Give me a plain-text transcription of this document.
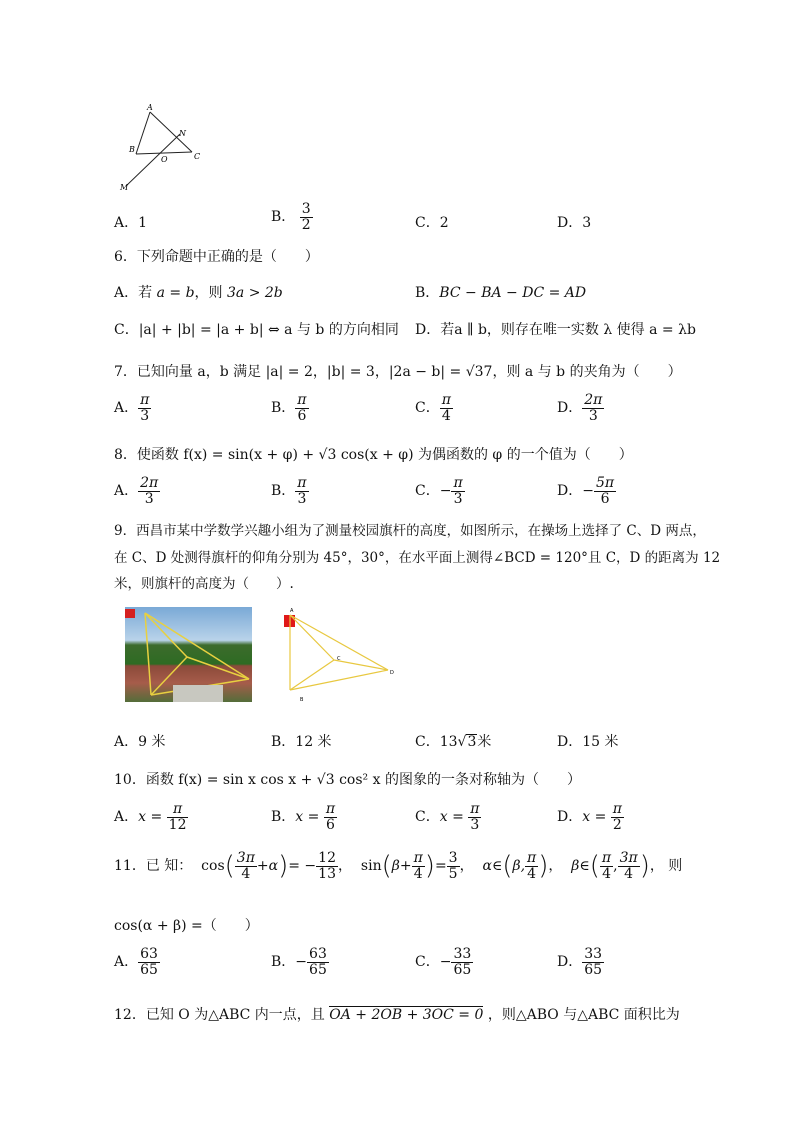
A
N
B
O	C
M
A．1	B． $\frac{3}{2}$	C．2	D．3
6．下列命题中正确的是（　　）
A．若 a = b，则 3a > 2b	B．BC − BA − DC = AD
C．|a| + |b| = |a + b| ⇔ a 与 b 的方向相同 D．若a ∥ b，则存在唯一实数 λ 使得 a = λb
7．已知向量 a，b 满足 |a| = 2，|b| = 3，|2a − b| = √37，则 a 与 b 的夹角为（　　）
A． $\frac{\pi}{3}$	B． $\frac{\pi}{6}$	C． $\frac{\pi}{4}$	D． $\frac{2\pi}{3}$
8．使函数 f(x) = sin(x + φ) + √3 cos(x + φ) 为偶函数的 φ 的一个值为（　　）
A． $\frac{2\pi}{3}$	B． $\frac{\pi}{3}$	C．− $\frac{\pi}{3}$	D．− $\frac{5\pi}{6}$
9．西昌市某中学数学兴趣小组为了测量校园旗杆的高度，如图所示，在操场上选择了 C、D 两点，
在 C、D 处测得旗杆的仰角分别为 45°，30°，在水平面上测得∠BCD = 120°且 C，D 的距离为 12
米，则旗杆的高度为（　　）.
A
C
D
B
A．9 米	B．12 米	C．13√3米	D．15 米
10．函数 f(x) = sin x cos x + √3 cos² x 的图象的一条对称轴为（　　）
A．$x = \frac{\pi}{12}$	B．$x = \frac{\pi}{6}$	C．$x = \frac{\pi}{3}$	D．$x = \frac{\pi}{2}$
11．已 知： $\cos( \frac{3\pi}{4} +\alpha)= - \frac{12}{13}$ ，  $\sin(\beta+ \frac{\pi}{4}$ )= $\frac{3}{5}$ ，  α∈(β, $\frac{\pi}{4}$ )，  β∈( $\frac{\pi}{4}$ , $\frac{3\pi}{4}$ )， 则
cos(α + β) =（　　）
A． $\frac{63}{65}$	B．− $\frac{63}{65}$	C．− $\frac{33}{65}$	D． $\frac{33}{65}$
12．已知 O 为△ABC 内一点，且 OA + 2OB + 3OC = 0 ，则△ABO 与△ABC 面积比为
